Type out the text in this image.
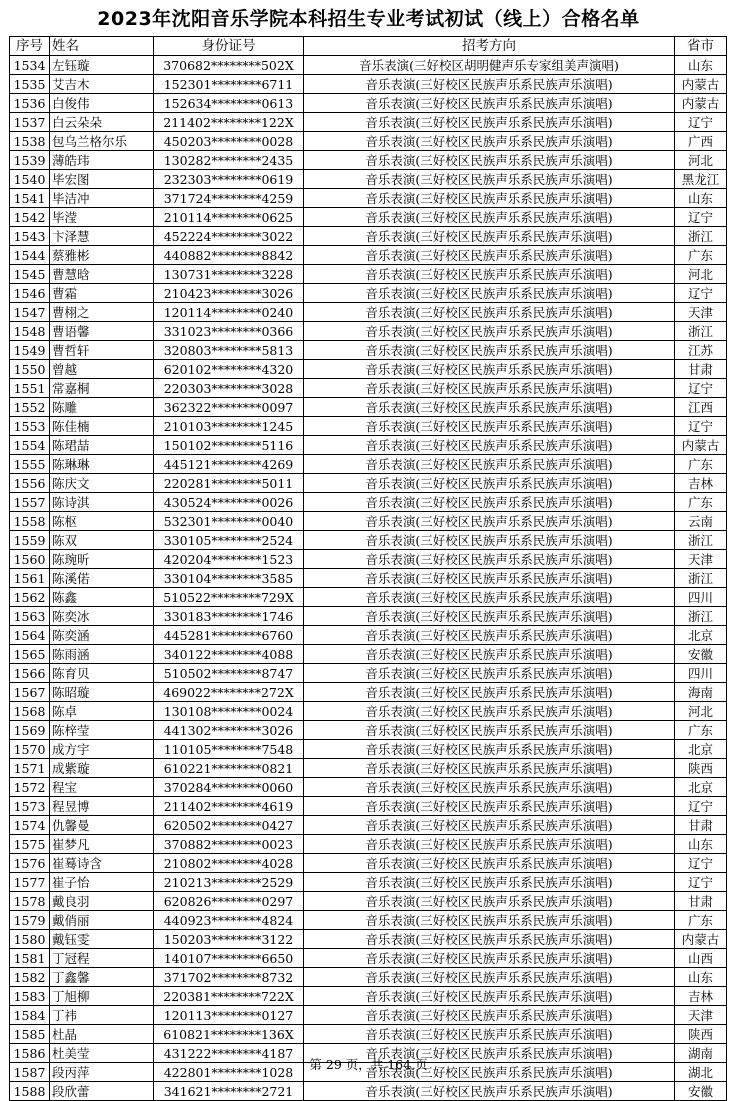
2023年沈阳音乐学院本科招生专业考试初试（线上）合格名单
序号	姓名	身份证号	招考方向	省市
1534	左钰璇	370682********502X	音乐表演(三好校区胡明健声乐专家组美声演唱)	山东
1535	艾吉木	152301********6711	音乐表演(三好校区民族声乐系民族声乐演唱)	内蒙古
1536	白俊伟	152634********0613	音乐表演(三好校区民族声乐系民族声乐演唱)	内蒙古
1537	白云朵朵	211402********122X	音乐表演(三好校区民族声乐系民族声乐演唱)	辽宁
1538	包乌兰格尔乐	450203********0028	音乐表演(三好校区民族声乐系民族声乐演唱)	广西
1539	薄皓玮	130282********2435	音乐表演(三好校区民族声乐系民族声乐演唱)	河北
1540	毕宏图	232303********0619	音乐表演(三好校区民族声乐系民族声乐演唱)	黑龙江
1541	毕洁冲	371724********4259	音乐表演(三好校区民族声乐系民族声乐演唱)	山东
1542	毕滢	210114********0625	音乐表演(三好校区民族声乐系民族声乐演唱)	辽宁
1543	卞泽慧	452224********3022	音乐表演(三好校区民族声乐系民族声乐演唱)	浙江
1544	蔡雅彬	440882********8842	音乐表演(三好校区民族声乐系民族声乐演唱)	广东
1545	曹慧晗	130731********3228	音乐表演(三好校区民族声乐系民族声乐演唱)	河北
1546	曹霜	210423********3026	音乐表演(三好校区民族声乐系民族声乐演唱)	辽宁
1547	曹栩之	120114********0240	音乐表演(三好校区民族声乐系民族声乐演唱)	天津
1548	曹语馨	331023********0366	音乐表演(三好校区民族声乐系民族声乐演唱)	浙江
1549	曹哲轩	320803********5813	音乐表演(三好校区民族声乐系民族声乐演唱)	江苏
1550	曾越	620102********4320	音乐表演(三好校区民族声乐系民族声乐演唱)	甘肃
1551	常嘉桐	220303********3028	音乐表演(三好校区民族声乐系民族声乐演唱)	辽宁
1552	陈雕	362322********0097	音乐表演(三好校区民族声乐系民族声乐演唱)	江西
1553	陈佳楠	210103********1245	音乐表演(三好校区民族声乐系民族声乐演唱)	辽宁
1554	陈珺喆	150102********5116	音乐表演(三好校区民族声乐系民族声乐演唱)	内蒙古
1555	陈琳琳	445121********4269	音乐表演(三好校区民族声乐系民族声乐演唱)	广东
1556	陈庆文	220281********5011	音乐表演(三好校区民族声乐系民族声乐演唱)	吉林
1557	陈诗淇	430524********0026	音乐表演(三好校区民族声乐系民族声乐演唱)	广东
1558	陈枢	532301********0040	音乐表演(三好校区民族声乐系民族声乐演唱)	云南
1559	陈双	330105********2524	音乐表演(三好校区民族声乐系民族声乐演唱)	浙江
1560	陈琬昕	420204********1523	音乐表演(三好校区民族声乐系民族声乐演唱)	天津
1561	陈溪偌	330104********3585	音乐表演(三好校区民族声乐系民族声乐演唱)	浙江
1562	陈鑫	510522********729X	音乐表演(三好校区民族声乐系民族声乐演唱)	四川
1563	陈奕冰	330183********1746	音乐表演(三好校区民族声乐系民族声乐演唱)	浙江
1564	陈奕涵	445281********6760	音乐表演(三好校区民族声乐系民族声乐演唱)	北京
1565	陈雨涵	340122********4088	音乐表演(三好校区民族声乐系民族声乐演唱)	安徽
1566	陈育贝	510502********8747	音乐表演(三好校区民族声乐系民族声乐演唱)	四川
1567	陈昭璇	469022********272X	音乐表演(三好校区民族声乐系民族声乐演唱)	海南
1568	陈卓	130108********0024	音乐表演(三好校区民族声乐系民族声乐演唱)	河北
1569	陈梓莹	441302********3026	音乐表演(三好校区民族声乐系民族声乐演唱)	广东
1570	成方宇	110105********7548	音乐表演(三好校区民族声乐系民族声乐演唱)	北京
1571	成紫璇	610221********0821	音乐表演(三好校区民族声乐系民族声乐演唱)	陕西
1572	程宝	370284********0060	音乐表演(三好校区民族声乐系民族声乐演唱)	北京
1573	程昱博	211402********4619	音乐表演(三好校区民族声乐系民族声乐演唱)	辽宁
1574	仇馨曼	620502********0427	音乐表演(三好校区民族声乐系民族声乐演唱)	甘肃
1575	崔梦凡	370882********0023	音乐表演(三好校区民族声乐系民族声乐演唱)	山东
1576	崔蓦诗含	210802********4028	音乐表演(三好校区民族声乐系民族声乐演唱)	辽宁
1577	崔子怡	210213********2529	音乐表演(三好校区民族声乐系民族声乐演唱)	辽宁
1578	戴良羽	620826********0297	音乐表演(三好校区民族声乐系民族声乐演唱)	甘肃
1579	戴俏丽	440923********4824	音乐表演(三好校区民族声乐系民族声乐演唱)	广东
1580	戴钰雯	150203********3122	音乐表演(三好校区民族声乐系民族声乐演唱)	内蒙古
1581	丁冠程	140107********6650	音乐表演(三好校区民族声乐系民族声乐演唱)	山西
1582	丁鑫馨	371702********8732	音乐表演(三好校区民族声乐系民族声乐演唱)	山东
1583	丁旭柳	220381********722X	音乐表演(三好校区民族声乐系民族声乐演唱)	吉林
1584	丁祎	120113********0127	音乐表演(三好校区民族声乐系民族声乐演唱)	天津
1585	杜晶	610821********136X	音乐表演(三好校区民族声乐系民族声乐演唱)	陕西
1586	杜美莹	431222********4187	音乐表演(三好校区民族声乐系民族声乐演唱)	湖南
1587	段丙萍	422801********1028	音乐表演(三好校区民族声乐系民族声乐演唱)	湖北
1588	段欣蕾	341621********2721	音乐表演(三好校区民族声乐系民族声乐演唱)	安徽
第 29 页，共 164 页
